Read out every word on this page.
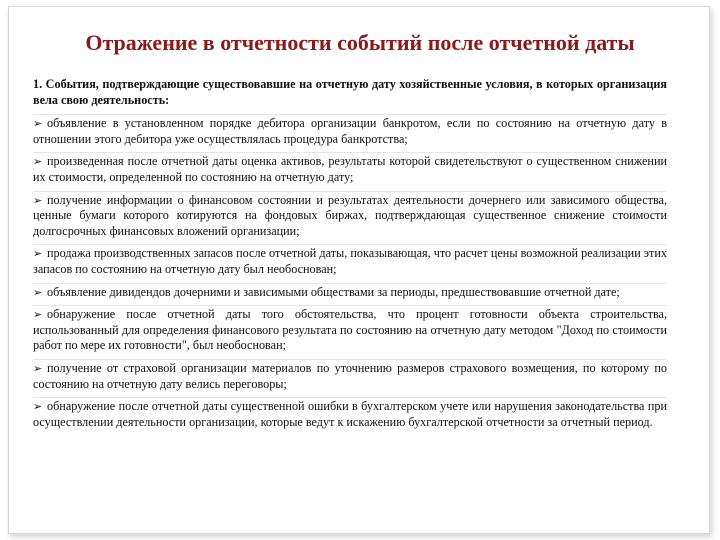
Отражение в отчетности событий после отчетной даты

1. События, подтверждающие существовавшие на отчетную дату хозяйственные условия, в которых организация вела свою деятельность:

➢ объявление в установленном порядке дебитора организации банкротом, если по состоянию на отчетную дату в отношении этого дебитора уже осуществлялась процедура банкротства;

➢ произведенная после отчетной даты оценка активов, результаты которой свидетельствуют о существенном снижении их стоимости, определенной по состоянию на отчетную дату;

➢ получение информации о финансовом состоянии и результатах деятельности дочернего или зависимого общества, ценные бумаги которого котируются на фондовых биржах, подтверждающая существенное снижение стоимости долгосрочных финансовых вложений организации;

➢ продажа производственных запасов после отчетной даты, показывающая, что расчет цены возможной реализации этих запасов по состоянию на отчетную дату был необоснован;

➢ объявление дивидендов дочерними и зависимыми обществами за периоды, предшествовавшие отчетной дате;

➢ обнаружение после отчетной даты того обстоятельства, что процент готовности объекта строительства, использованный для определения финансового результата по состоянию на отчетную дату методом "Доход по стоимости работ по мере их готовности", был необоснован;

➢ получение от страховой организации материалов по уточнению размеров страхового возмещения, по которому по состоянию на отчетную дату велись переговоры;

➢ обнаружение после отчетной даты существенной ошибки в бухгалтерском учете или нарушения законодательства при осуществлении деятельности организации, которые ведут к искажению бухгалтерской отчетности за отчетный период.
